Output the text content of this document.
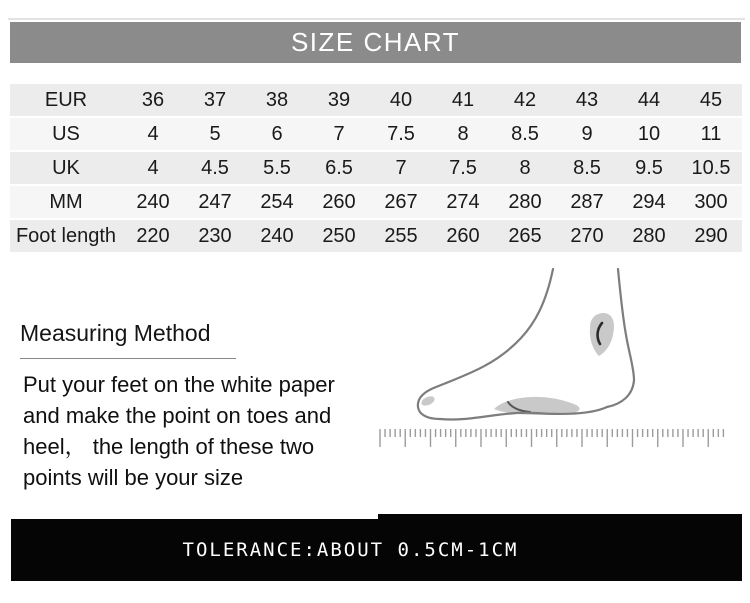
SIZE CHART
EUR	36	37	38	39	40	41	42	43	44	45
US	4	5	6	7	7.5	8	8.5	9	10	11
UK	4	4.5	5.5	6.5	7	7.5	8	8.5	9.5	10.5
MM	240	247	254	260	267	274	280	287	294	300
Foot length	220	230	240	250	255	260	265	270	280	290
Measuring Method
Put your feet on the white paper
and make the point on toes and
heel， the length of these two
points will be your size
TOLERANCE:ABOUT 0.5CM-1CM
